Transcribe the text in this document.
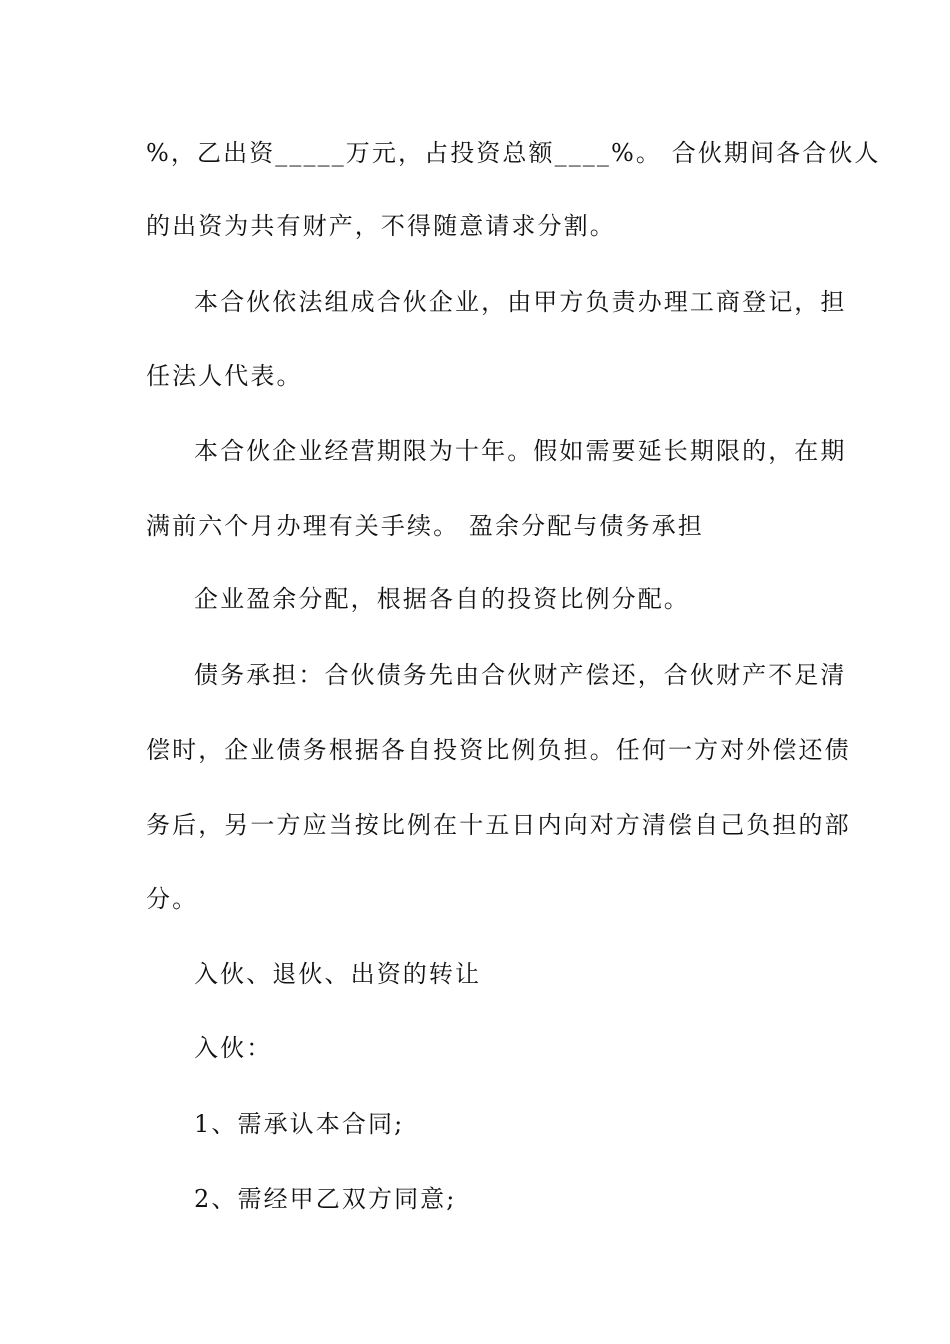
%，乙出资_____万元，占投资总额____%。 合伙期间各合伙人
的出资为共有财产，不得随意请求分割。
本合伙依法组成合伙企业，由甲方负责办理工商登记，担
任法人代表。
本合伙企业经营期限为十年。假如需要延长期限的，在期
满前六个月办理有关手续。 盈余分配与债务承担
企业盈余分配，根据各自的投资比例分配。
债务承担：合伙债务先由合伙财产偿还，合伙财产不足清
偿时，企业债务根据各自投资比例负担。任何一方对外偿还债
务后，另一方应当按比例在十五日内向对方清偿自己负担的部
分。
入伙、退伙、出资的转让
入伙：
1、需承认本合同;
2、需经甲乙双方同意;
